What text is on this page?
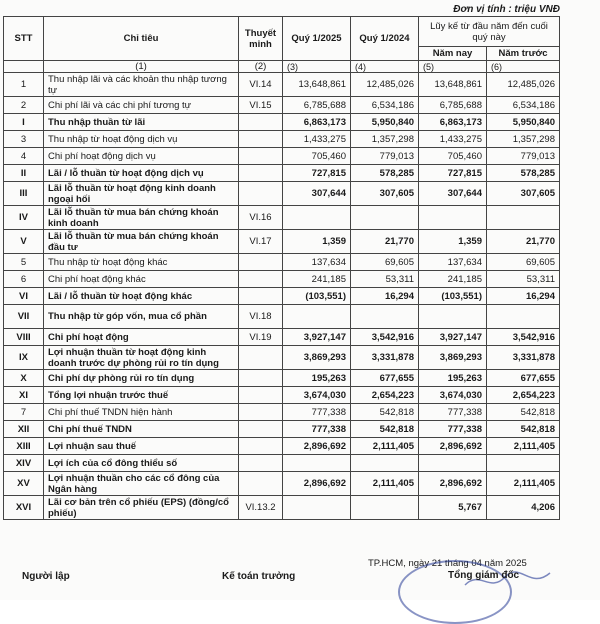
Đơn vị tính : triệu VNĐ
STT	Chỉ tiêu	Thuyết minh	Quý 1/2025	Quý 1/2024	Lũy kế từ đầu năm đến cuối quý này	
					Năm nay	Năm trước
	(1)	(2)	(3)	(4)	(5)	(6)
1	Thu nhập lãi và các khoản thu nhập tương tự	VI.14	13,648,861	12,485,026	13,648,861	12,485,026
2	Chi phí lãi và các chi phí tương tự	VI.15	6,785,688	6,534,186	6,785,688	6,534,186
I	Thu nhập thuần từ lãi		6,863,173	5,950,840	6,863,173	5,950,840
3	Thu nhập từ hoạt động dịch vụ		1,433,275	1,357,298	1,433,275	1,357,298
4	Chi phí hoạt động dịch vụ		705,460	779,013	705,460	779,013
II	Lãi / lỗ thuần từ hoạt động dịch vụ		727,815	578,285	727,815	578,285
III	Lãi lỗ thuần từ hoạt động kinh doanh ngoại hối		307,644	307,605	307,644	307,605
IV	Lãi lỗ thuần từ mua bán chứng khoán kinh doanh	VI.16				
V	Lãi lỗ thuần từ mua bán chứng khoán đầu tư	VI.17	1,359	21,770	1,359	21,770
5	Thu nhập từ hoạt động khác		137,634	69,605	137,634	69,605
6	Chi phí hoạt động khác		241,185	53,311	241,185	53,311
VI	Lãi / lỗ thuần từ hoạt động khác		(103,551)	16,294	(103,551)	16,294
VII	Thu nhập từ góp vốn, mua cổ phần	VI.18				
VIII	Chi phí hoạt động	VI.19	3,927,147	3,542,916	3,927,147	3,542,916
IX	Lợi nhuận thuần từ hoạt động kinh doanh trước dự phòng rủi ro tín dụng		3,869,293	3,331,878	3,869,293	3,331,878
X	Chi phí dự phòng rủi ro tín dụng		195,263	677,655	195,263	677,655
XI	Tổng lợi nhuận trước thuế		3,674,030	2,654,223	3,674,030	2,654,223
7	Chi phí thuế TNDN hiện hành		777,338	542,818	777,338	542,818
XII	Chi phí thuế TNDN		777,338	542,818	777,338	542,818
XIII	Lợi nhuận sau thuế		2,896,692	2,111,405	2,896,692	2,111,405
XIV	Lợi ích của cổ đông thiểu số					
XV	Lợi nhuận thuần cho các cổ đông của Ngân hàng		2,896,692	2,111,405	2,896,692	2,111,405
XVI	Lãi cơ bản trên cổ phiếu (EPS) (đồng/cổ phiếu)	VI.13.2			5,767	4,206
TP.HCM, ngày 21 tháng 04 năm 2025
Người lập	Kế toán trưởng	Tổng giám đốc
